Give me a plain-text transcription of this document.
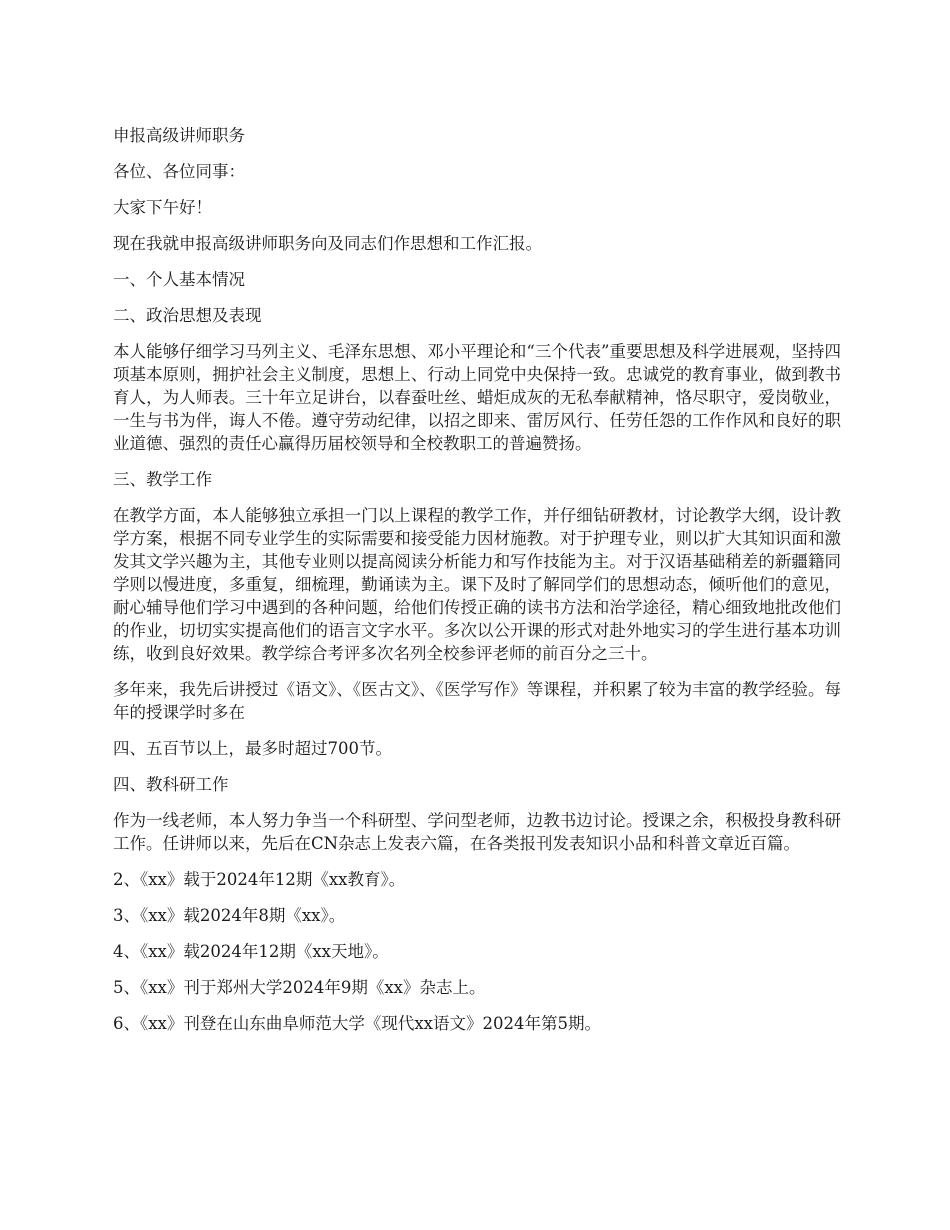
申报高级讲师职务

各位、各位同事：

大家下午好！

现在我就申报高级讲师职务向及同志们作思想和工作汇报。

一、个人基本情况

二、政治思想及表现

本人能够仔细学习马列主义、毛泽东思想、邓小平理论和“三个代表”重要思想及科学进展观，坚持四项基本原则，拥护社会主义制度，思想上、行动上同党中央保持一致。忠诚党的教育事业，做到教书育人，为人师表。三十年立足讲台，以春蚕吐丝、蜡炬成灰的无私奉献精神，恪尽职守，爱岗敬业，一生与书为伴，诲人不倦。遵守劳动纪律，以招之即来、雷厉风行、任劳任怨的工作作风和良好的职业道德、强烈的责任心赢得历届校领导和全校教职工的普遍赞扬。

三、教学工作

在教学方面，本人能够独立承担一门以上课程的教学工作，并仔细钻研教材，讨论教学大纲，设计教学方案，根据不同专业学生的实际需要和接受能力因材施教。对于护理专业，则以扩大其知识面和激发其文学兴趣为主，其他专业则以提高阅读分析能力和写作技能为主。对于汉语基础稍差的新疆籍同学则以慢进度，多重复，细梳理，勤诵读为主。课下及时了解同学们的思想动态，倾听他们的意见，耐心辅导他们学习中遇到的各种问题，给他们传授正确的读书方法和治学途径，精心细致地批改他们的作业，切切实实提高他们的语言文字水平。多次以公开课的形式对赴外地实习的学生进行基本功训练，收到良好效果。教学综合考评多次名列全校参评老师的前百分之三十。

多年来，我先后讲授过《语文》、《医古文》、《医学写作》等课程，并积累了较为丰富的教学经验。每年的授课学时多在

四、五百节以上，最多时超过700节。

四、教科研工作

作为一线老师，本人努力争当一个科研型、学问型老师，边教书边讨论。授课之余，积极投身教科研工作。任讲师以来，先后在CN杂志上发表六篇，在各类报刊发表知识小品和科普文章近百篇。

2、《xx》载于2024年12期《xx教育》。

3、《xx》载2024年8期《xx》。

4、《xx》载2024年12期《xx天地》。

5、《xx》刊于郑州大学2024年9期《xx》杂志上。

6、《xx》刊登在山东曲阜师范大学《现代xx语文》2024年第5期。
